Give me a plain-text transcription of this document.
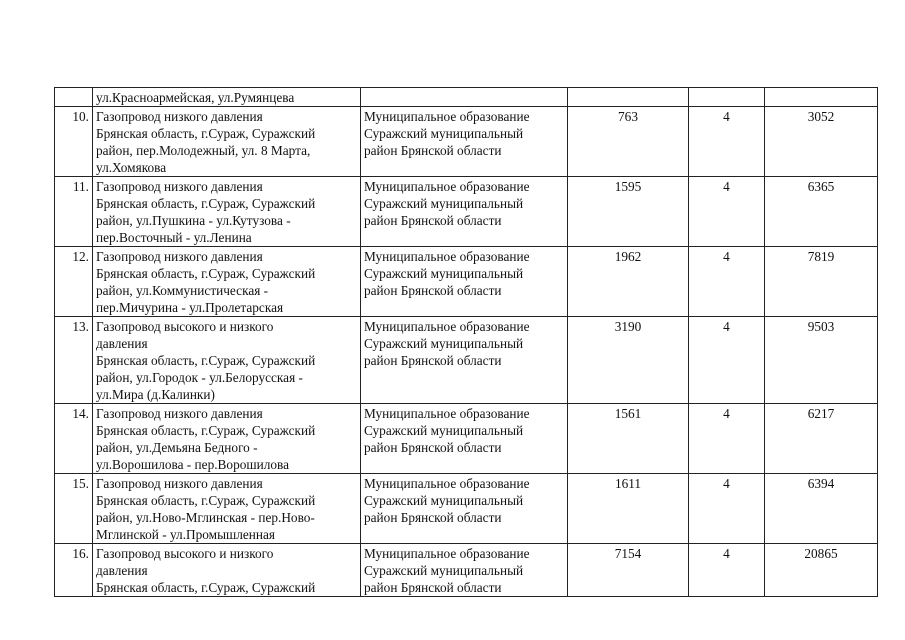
	ул.Красноармейская, ул.Румянцева				

10.	Газопровод низкого давления
Брянская область, г.Сураж, Суражский
район, пер.Молодежный, ул. 8 Марта,
ул.Хомякова	Муниципальное образование
Суражский муниципальный
район Брянской области	763	4	3052
11.	Газопровод низкого давления
Брянская область, г.Сураж, Суражский
район, ул.Пушкина - ул.Кутузова -
пер.Восточный - ул.Ленина	Муниципальное образование
Суражский муниципальный
район Брянской области	1595	4	6365
12.	Газопровод низкого давления
Брянская область, г.Сураж, Суражский
район, ул.Коммунистическая -
пер.Мичурина - ул.Пролетарская	Муниципальное образование
Суражский муниципальный
район Брянской области	1962	4	7819
13.	Газопровод высокого и низкого
давления
Брянская область, г.Сураж, Суражский
район, ул.Городок - ул.Белорусская -
ул.Мира (д.Калинки)	Муниципальное образование
Суражский муниципальный
район Брянской области	3190	4	9503
14.	Газопровод низкого давления
Брянская область, г.Сураж, Суражский
район, ул.Демьяна Бедного -
ул.Ворошилова - пер.Ворошилова	Муниципальное образование
Суражский муниципальный
район Брянской области	1561	4	6217
15.	Газопровод низкого давления
Брянская область, г.Сураж, Суражский
район, ул.Ново-Мглинская - пер.Ново-
Мглинской - ул.Промышленная	Муниципальное образование
Суражский муниципальный
район Брянской области	1611	4	6394
16.	Газопровод высокого и низкого
давления
Брянская область, г.Сураж, Суражский	Муниципальное образование
Суражский муниципальный
район Брянской области	7154	4	20865
